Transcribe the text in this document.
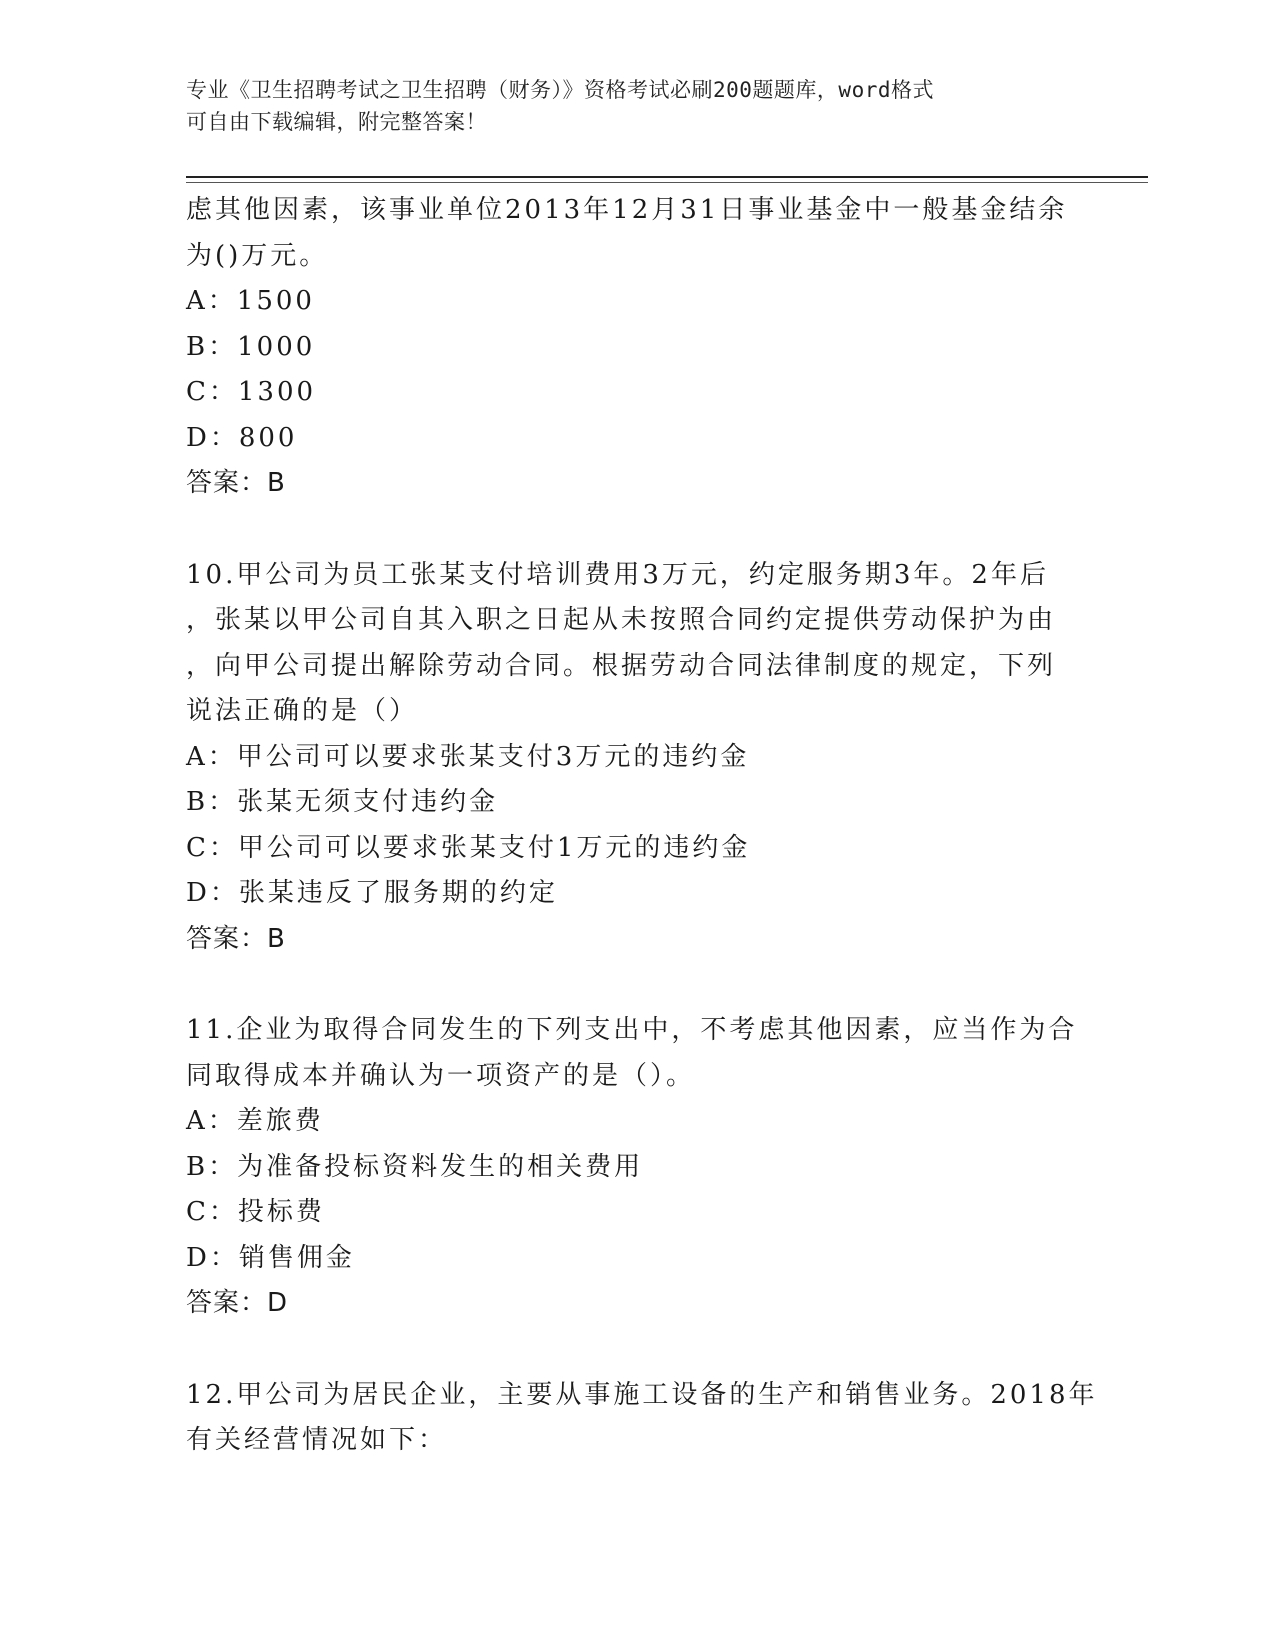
专业《卫生招聘考试之卫生招聘（财务）》资格考试必刷200题题库，word格式
可自由下载编辑，附完整答案！
虑其他因素，该事业单位2013年12月31日事业基金中一般基金结余
为()万元。
A：1500
B：1000
C：1300
D：800
答案：B
10.甲公司为员工张某支付培训费用3万元，约定服务期3年。2年后
，张某以甲公司自其入职之日起从未按照合同约定提供劳动保护为由
，向甲公司提出解除劳动合同。根据劳动合同法律制度的规定，下列
说法正确的是（）
A：甲公司可以要求张某支付3万元的违约金
B：张某无须支付违约金
C：甲公司可以要求张某支付1万元的违约金
D：张某违反了服务期的约定
答案：B
11.企业为取得合同发生的下列支出中，不考虑其他因素，应当作为合
同取得成本并确认为一项资产的是（）。
A：差旅费
B：为准备投标资料发生的相关费用
C：投标费
D：销售佣金
答案：D
12.甲公司为居民企业，主要从事施工设备的生产和销售业务。2018年
有关经营情况如下：
